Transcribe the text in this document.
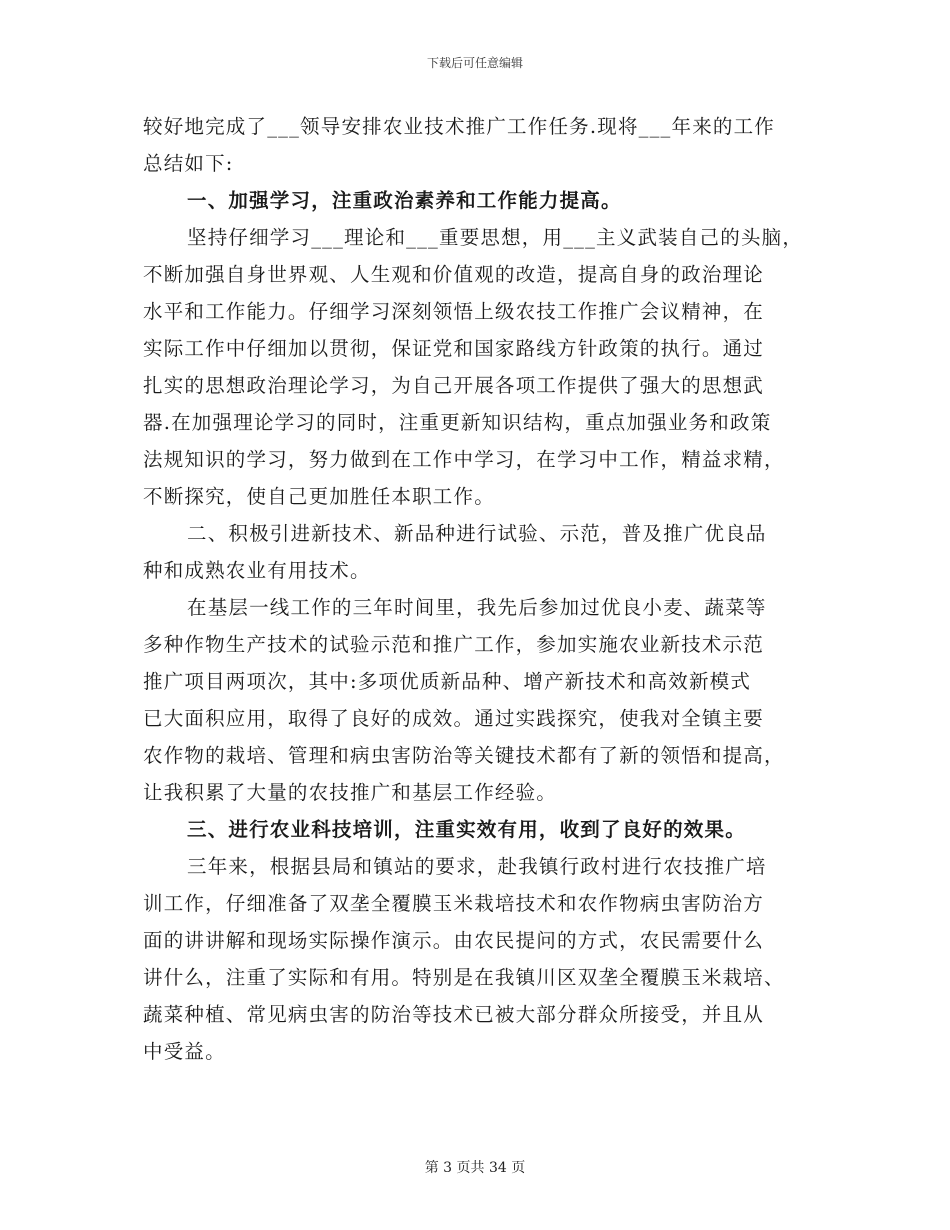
下载后可任意编辑
较好地完成了___领导安排农业技术推广工作任务.现将___年来的工作
总结如下:
一、加强学习，注重政治素养和工作能力提高。
坚持仔细学习___理论和___重要思想，用___主义武装自己的头脑，
不断加强自身世界观、人生观和价值观的改造，提高自身的政治理论
水平和工作能力。仔细学习深刻领悟上级农技工作推广会议精神，在
实际工作中仔细加以贯彻，保证党和国家路线方针政策的执行。通过
扎实的思想政治理论学习，为自己开展各项工作提供了强大的思想武
器.在加强理论学习的同时，注重更新知识结构，重点加强业务和政策
法规知识的学习，努力做到在工作中学习，在学习中工作，精益求精，
不断探究，使自己更加胜任本职工作。
二、积极引进新技术、新品种进行试验、示范，普及推广优良品
种和成熟农业有用技术。
在基层一线工作的三年时间里，我先后参加过优良小麦、蔬菜等
多种作物生产技术的试验示范和推广工作，参加实施农业新技术示范
推广项目两项次，其中:多项优质新品种、增产新技术和高效新模式
已大面积应用，取得了良好的成效。通过实践探究，使我对全镇主要
农作物的栽培、管理和病虫害防治等关键技术都有了新的领悟和提高，
让我积累了大量的农技推广和基层工作经验。
三、进行农业科技培训，注重实效有用，收到了良好的效果。
三年来，根据县局和镇站的要求，赴我镇行政村进行农技推广培
训工作，仔细准备了双垄全覆膜玉米栽培技术和农作物病虫害防治方
面的讲讲解和现场实际操作演示。由农民提问的方式，农民需要什么
讲什么，注重了实际和有用。特别是在我镇川区双垄全覆膜玉米栽培、
蔬菜种植、常见病虫害的防治等技术已被大部分群众所接受，并且从
中受益。
第 3 页共 34 页
